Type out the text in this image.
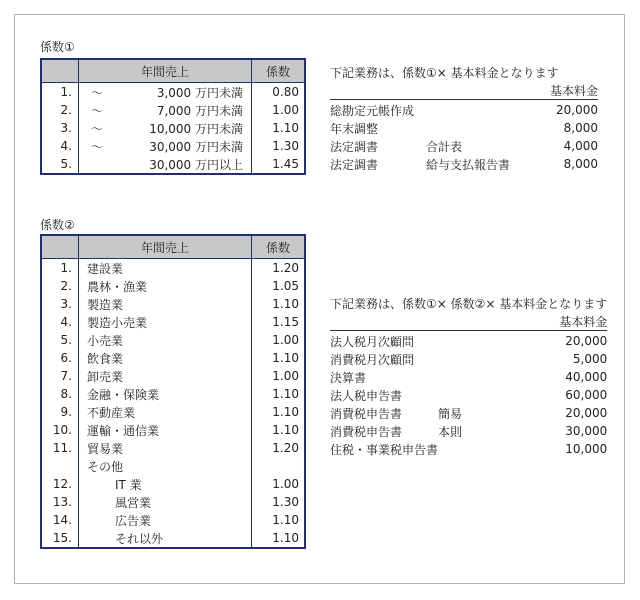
係数①
	年間売上		係数
1.	～	3,000 万円未満	0.80
2.	～	7,000 万円未満	1.00
3.	～	10,000 万円未満	1.10
4.	～	30,000 万円未満	1.30
5.		30,000 万円以上	1.45
下記業務は、係数①× 基本料金となります		
		基本料金
総勘定元帳作成		20,000
年末調整		8,000
法定調書	合計表	4,000
法定調書	給与支払報告書	8,000
係数②
	年間売上	係数
1.	建設業	1.20
2.	農林・漁業	1.05
3.	製造業	1.10
4.	製造小売業	1.15
5.	小売業	1.00
6.	飲食業	1.10
7.	卸売業	1.00
8.	金融・保険業	1.10
9.	不動産業	1.10
10.	運輸・通信業	1.10
11.	貿易業	1.20
	その他	
12.	IT 業	1.00
13.	風営業	1.30
14.	広告業	1.10
15.	それ以外	1.10
下記業務は、係数①× 係数②× 基本料金となります		
		基本料金
法人税月次顧問		20,000
消費税月次顧問		5,000
決算書		40,000
法人税申告書		60,000
消費税申告書	簡易	20,000
消費税申告書	本則	30,000
住税・事業税申告書		10,000
